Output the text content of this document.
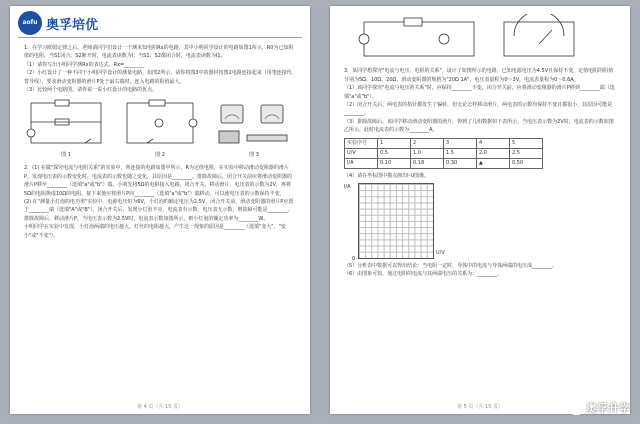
aofu 奥孚培优

1．在学习欧姆定律之后，老师请同学们设计一个测未知电阻Rx的电路，其中小明同学设计的电路如图1所示，R0为已知阻值的电阻，当S1闭合、S2断开时，电流表读数为I；当S1、S2都闭合时，电流表读数为I1。

（1）请你写出小明同学测Rx的表达式。Rx=________

（2）小红设计了一种不同于小明同学设计的测量电路，如图2所示，请你将图3中的器材按图2电路连接起来（用笔连接代替导线），要求滑动变阻器的滑片P处于最右端时，连入电路的阻值最大。

（3）比较两个电路图，请你说一说小红设计的电路的优点。

图 1	图 2	图 3

2．(1) 在做"探究电流与电阻关系"的实验中，所连接的电路如图甲所示，R为定值电阻，在实验中移动滑动变阻器的滑片P，发现电压表的示数变化时，电流表的示数也随之变化，其原因是________。排除故障后，闭合开关前应将滑动变阻器的滑片P移至________（选填"a"或"b"）端。小明先将5Ω的电阻接入电路，闭合开关，移动滑片，电压表的示数为2V，再将5Ω的电阻换成10Ω的电阻，接下来他应将滑片P向________（选填"a"或"b"）端移动，可以使电压表的示数保持不变。

(2) 在"测量小灯泡的电功率"实验中，电源电压恒为6V，小灯泡的额定电压为2.5V，闭合开关前，滑动变阻器的滑片P应置于________端（选填"A"或"B"）。闭合开关后，发现小灯泡不亮，电流表有示数，电压表无示数，则故障可能是________。排除故障后，移动滑片P，当电压表示数为2.5V时，电流表示数如图所示，则小灯泡的额定功率为________W。

小明同学在实验中发现，小灯泡两端的电压越大，灯丝的电阻越大，产生这一现象的原因是________（选填"变大"、"变小"或"不变"）。

第 4 页（共 15 页）

3．某同学想探究"电流与电压、电阻的关系"，设计了如图所示的电路，已知电源电压为4.5V且保持不变，定值电阻的阻值分别为5Ω、10Ω、20Ω，滑动变阻器的规格为"20Ω 1A"，电压表量程为0～3V，电流表量程为0～0.6A。

（1）该同学探究"电流与电压的关系"时，应保持________不变，闭合开关前，应将滑动变阻器的滑片P移到________端（选填"a"或"b"）。

（2）闭合开关后，两电表的指针都发生了偏转，但无论怎样移动滑片，两电表的示数均保持不变且都很小，其原因可能是________。

（3）排除故障后，该同学移动滑动变阻器的滑片，得到了几组数据如下表所示，当电压表示数为2V时，电流表的示数如图乙所示，此时电流表的示数为________A。

实验序号	1	2	3	4	5
U/V	0.5	1.0	1.5	2.0	2.5
I/A	0.10	0.18	0.30	▲	0.50

（4）请在坐标图中描点画出I-U图像。

I/A
0
U/V

（5）分析表中数据可以得出结论：当电阻一定时，导体中的电流与导体两端的电压成________。

（6）由图象可知，通过电阻的电流与其两端电压的关系为：________。

第 5 页（共 15 页）	奥孚升学
